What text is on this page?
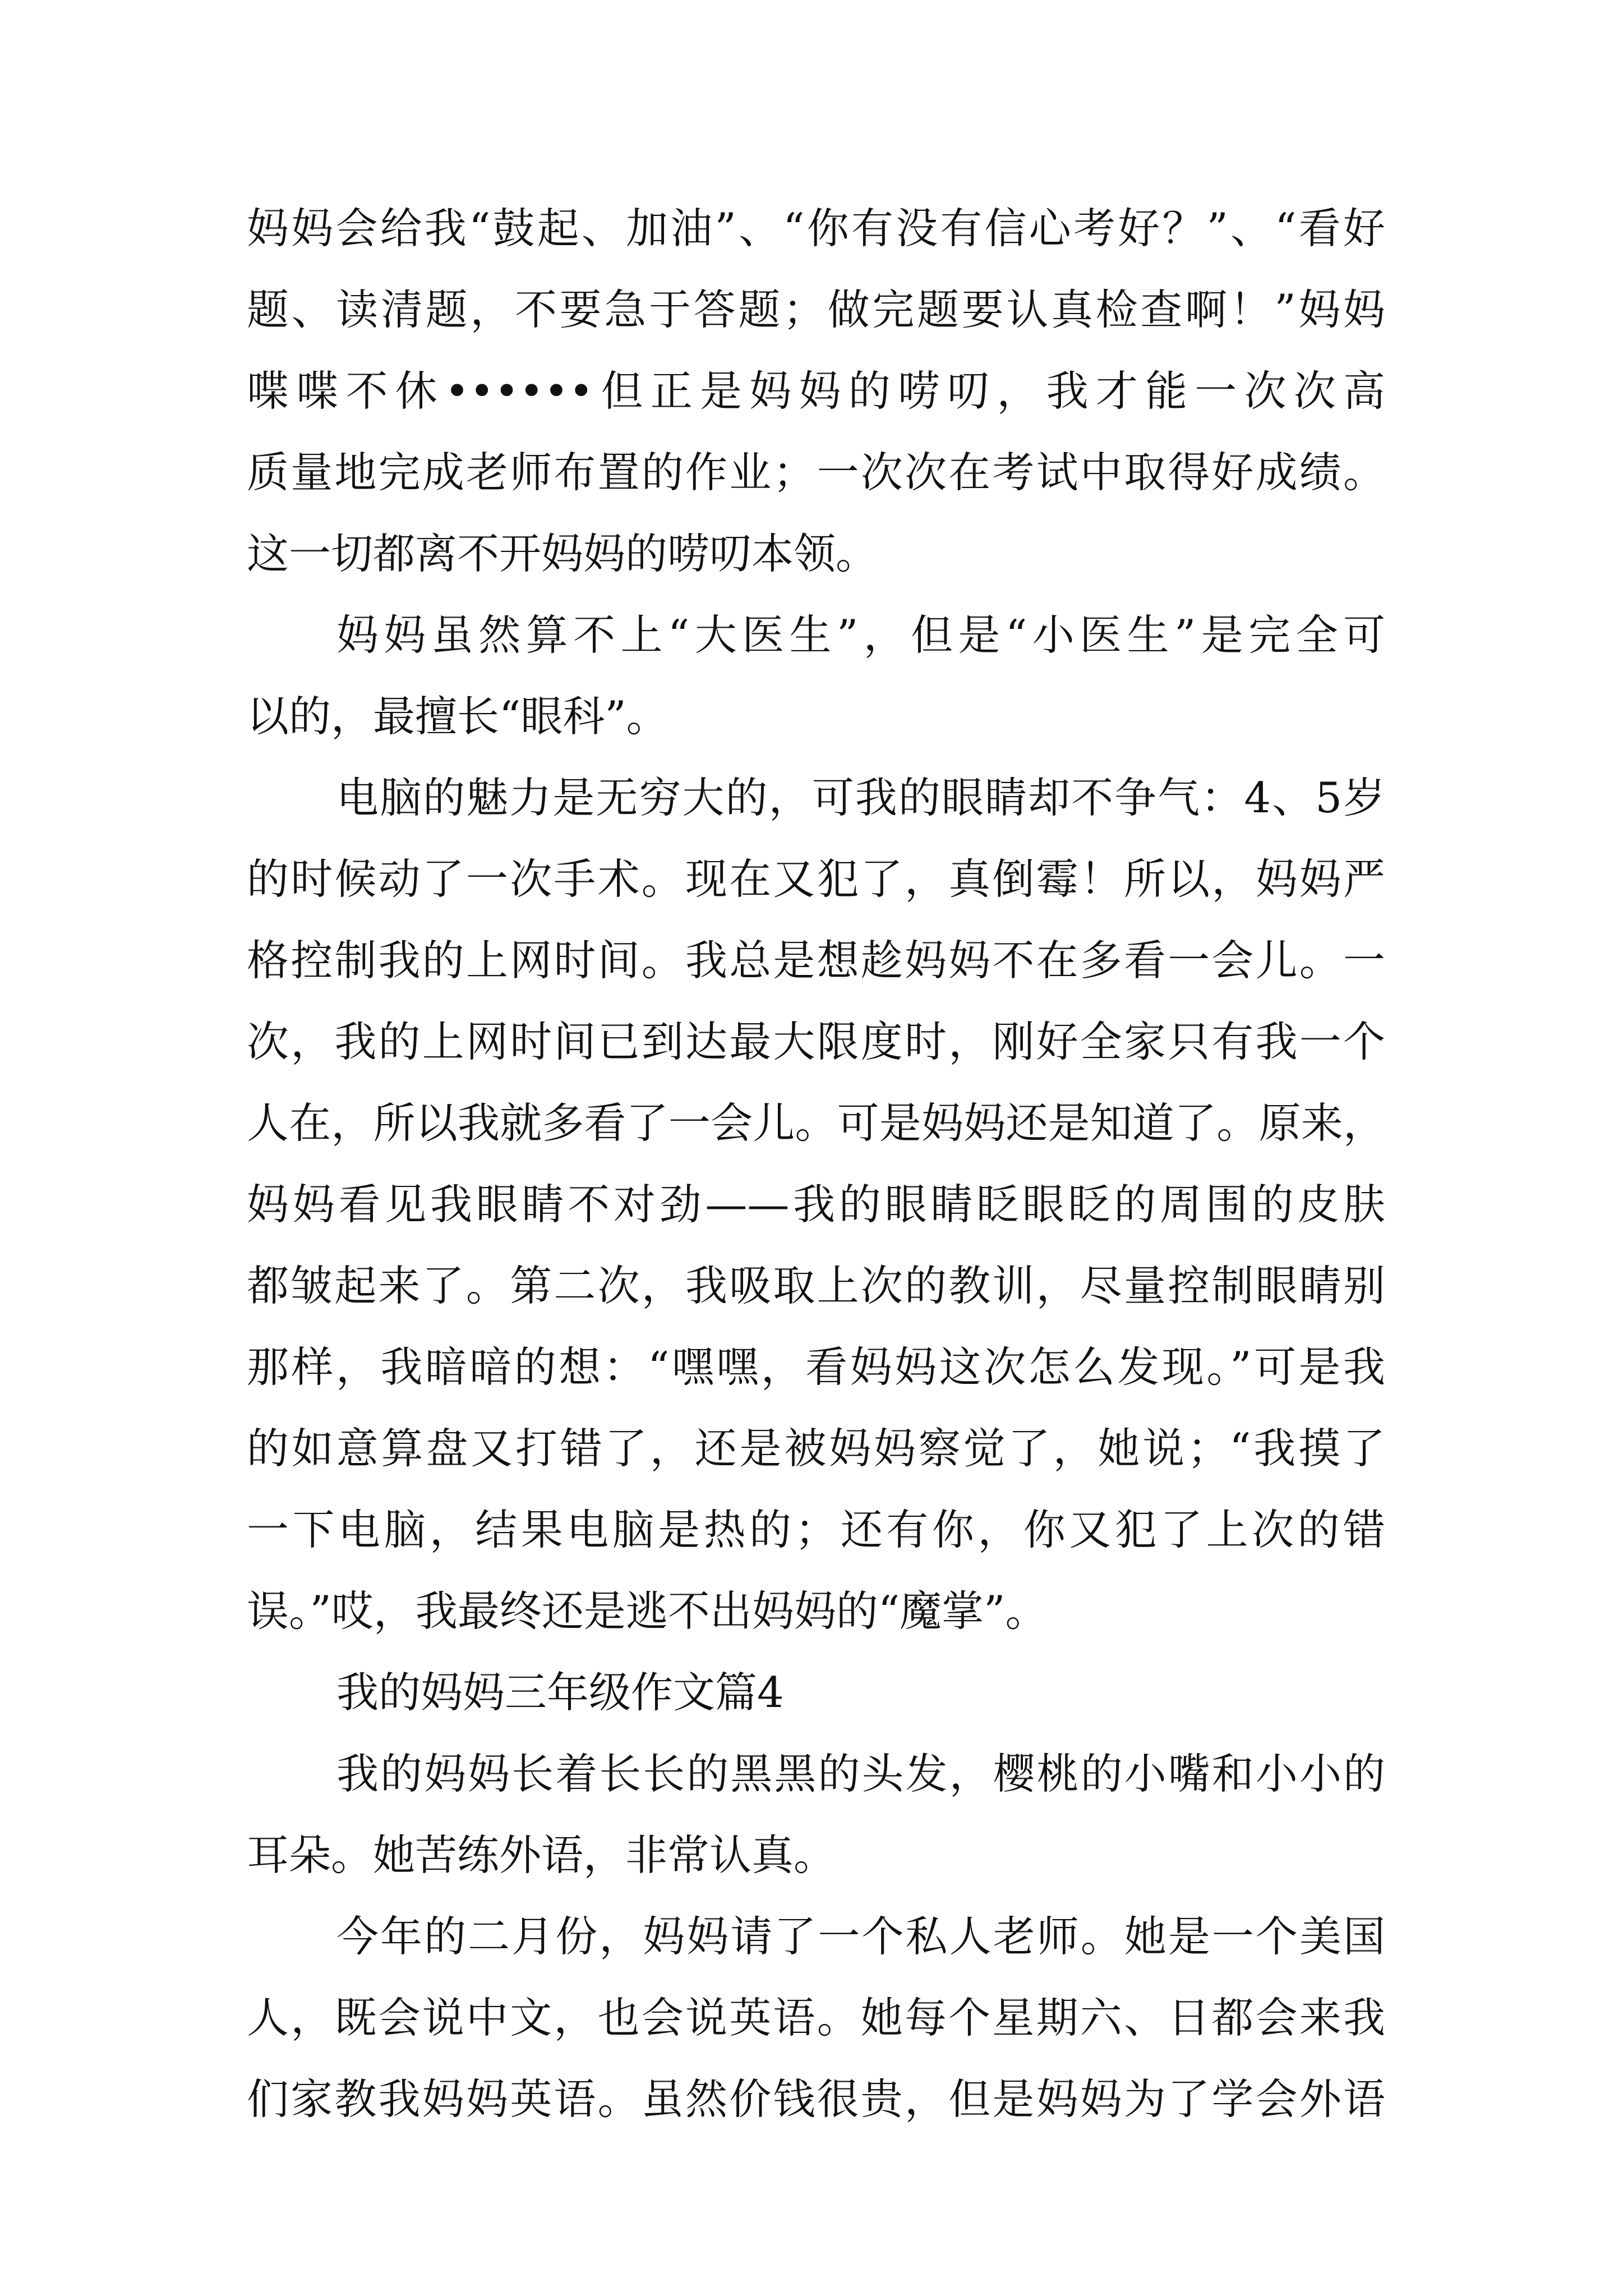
妈妈会给我“鼓起、加油”、“你有没有信心考好？”、“看好
题、读清题，不要急于答题；做完题要认真检查啊！”妈妈
喋喋不休••••••但正是妈妈的唠叨，我才能一次次高
质量地完成老师布置的作业；一次次在考试中取得好成绩。
这一切都离不开妈妈的唠叨本领。
妈妈虽然算不上“大医生”，但是“小医生”是完全可
以的，最擅长“眼科”。
电脑的魅力是无穷大的，可我的眼睛却不争气：4、5岁
的时候动了一次手术。现在又犯了，真倒霉！所以，妈妈严
格控制我的上网时间。我总是想趁妈妈不在多看一会儿。一
次，我的上网时间已到达最大限度时，刚好全家只有我一个
人在，所以我就多看了一会儿。可是妈妈还是知道了。原来，
妈妈看见我眼睛不对劲——我的眼睛眨眼眨的周围的皮肤
都皱起来了。第二次，我吸取上次的教训，尽量控制眼睛别
那样，我暗暗的想：“嘿嘿，看妈妈这次怎么发现。”可是我
的如意算盘又打错了，还是被妈妈察觉了，她说；“我摸了
一下电脑，结果电脑是热的；还有你，你又犯了上次的错
误。”哎，我最终还是逃不出妈妈的“魔掌”。
我的妈妈三年级作文篇4
我的妈妈长着长长的黑黑的头发，樱桃的小嘴和小小的
耳朵。她苦练外语，非常认真。
今年的二月份，妈妈请了一个私人老师。她是一个美国
人，既会说中文，也会说英语。她每个星期六、日都会来我
们家教我妈妈英语。虽然价钱很贵，但是妈妈为了学会外语
